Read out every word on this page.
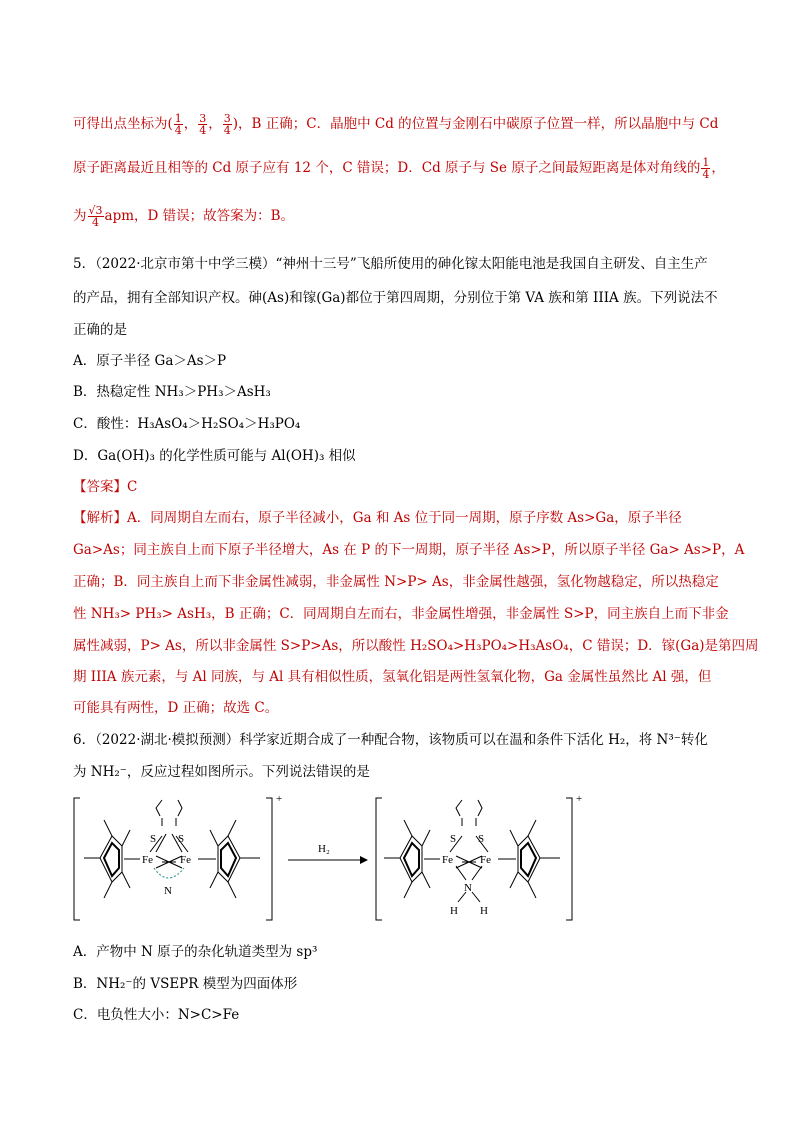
可得出点坐标为( $\frac{1}{4}$ ， $\frac{3}{4}$ ， $\frac{3}{4}$ )，B 正确；C．晶胞中 Cd 的位置与金刚石中碳原子位置一样，所以晶胞中与 Cd
原子距离最近且相等的 Cd 原子应有 12 个，C 错误；D．Cd 原子与 Se 原子之间最短距离是体对角线的 $\frac{1}{4}$ ，
为 $\frac{√3}{4}$ apm，D 错误；故答案为：B。
5．（2022·北京市第十中学三模）“神州十三号”飞船所使用的砷化镓太阳能电池是我国自主研发、自主生产
的产品，拥有全部知识产权。砷(As)和镓(Ga)都位于第四周期，分别位于第 VA 族和第 IIIA 族。下列说法不
正确的是
A．原子半径 Ga＞As＞P
B．热稳定性 NH₃＞PH₃＞AsH₃
C．酸性：H₃AsO₄＞H₂SO₄＞H₃PO₄
D．Ga(OH)₃ 的化学性质可能与 Al(OH)₃ 相似
【答案】C
【解析】A．同周期自左而右，原子半径减小，Ga 和 As 位于同一周期，原子序数 As>Ga，原子半径
Ga>As；同主族自上而下原子半径增大，As 在 P 的下一周期，原子半径 As>P，所以原子半径 Ga> As>P，A
正确；B．同主族自上而下非金属性减弱，非金属性 N>P> As，非金属性越强，氢化物越稳定，所以热稳定
性 NH₃> PH₃> AsH₃，B 正确；C．同周期自左而右，非金属性增强，非金属性 S>P，同主族自上而下非金
属性减弱，P> As，所以非金属性 S>P>As，所以酸性 H₂SO₄>H₃PO₄>H₃AsO₄，C 错误；D．镓(Ga)是第四周
期 IIIA 族元素，与 Al 同族，与 Al 具有相似性质，氢氧化铝是两性氢氧化物，Ga 金属性虽然比 Al 强，但
可能具有两性，D 正确；故选 C。
6．（2022·湖北·模拟预测）科学家近期合成了一种配合物，该物质可以在温和条件下活化 H₂，将 N³⁻转化
为 NH₂⁻，反应过程如图所示。下列说法错误的是
S S
Fe Fe
N
+
H₂
S S
Fe Fe
N
H H
+
A．产物中 N 原子的杂化轨道类型为 sp³
B．NH₂⁻的 VSEPR 模型为四面体形
C．电负性大小：N>C>Fe
